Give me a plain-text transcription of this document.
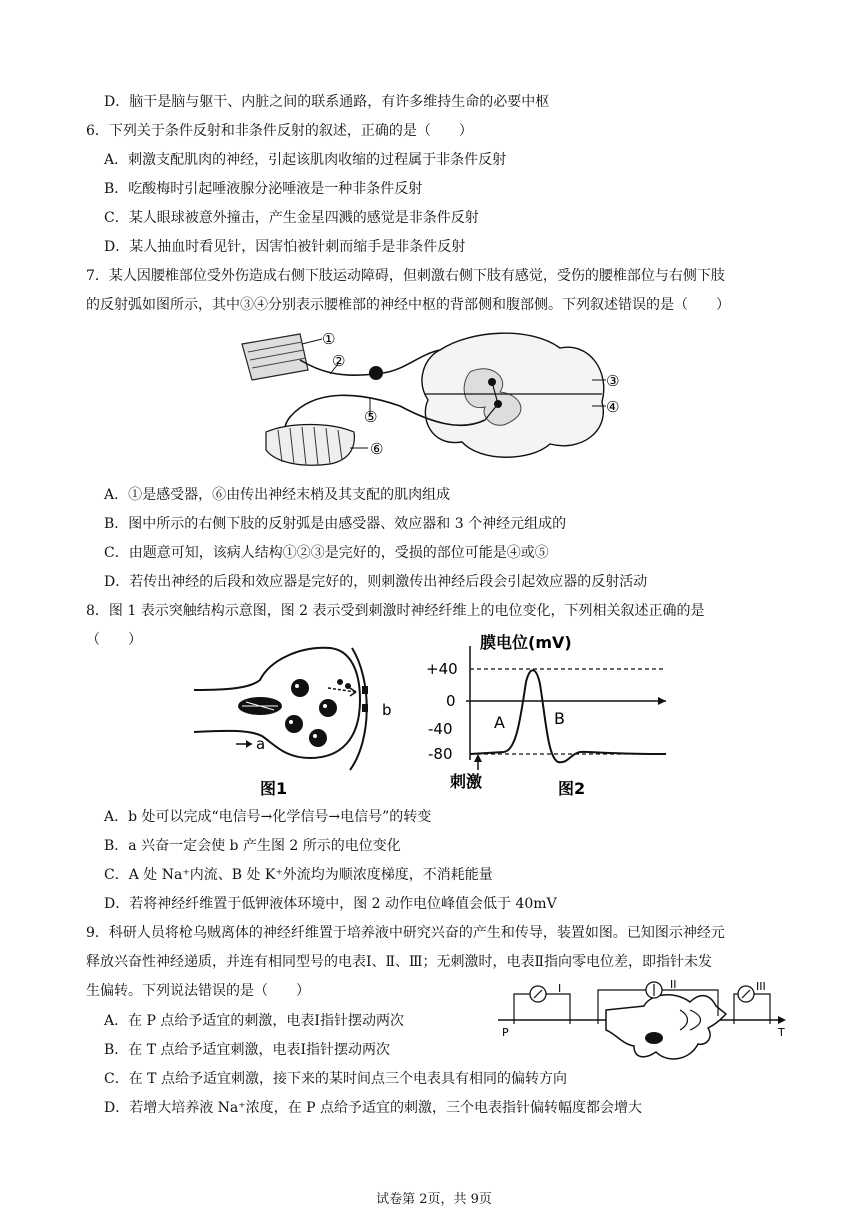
D．脑干是脑与躯干、内脏之间的联系通路，有许多维持生命的必要中枢
6．下列关于条件反射和非条件反射的叙述，正确的是（　　）
A．刺激支配肌肉的神经，引起该肌肉收缩的过程属于非条件反射
B．吃酸梅时引起唾液腺分泌唾液是一种非条件反射
C．某人眼球被意外撞击，产生金星四溅的感觉是非条件反射
D．某人抽血时看见针，因害怕被针刺而缩手是非条件反射
7．某人因腰椎部位受外伤造成右侧下肢运动障碍，但刺激右侧下肢有感觉，受伤的腰椎部位与右侧下肢
的反射弧如图所示，其中③④分别表示腰椎部的神经中枢的背部侧和腹部侧。下列叙述错误的是（　　）
①
②
③
④
⑤
⑥
A．①是感受器，⑥由传出神经末梢及其支配的肌肉组成
B．图中所示的右侧下肢的反射弧是由感受器、效应器和 3 个神经元组成的
C．由题意可知，该病人结构①②③是完好的，受损的部位可能是④或⑤
D．若传出神经的后段和效应器是完好的，则刺激传出神经后段会引起效应器的反射活动
8．图 1 表示突触结构示意图，图 2 表示受到刺激时神经纤维上的电位变化，下列相关叙述正确的是
（　　）
a
b
图1
膜电位(mV)
+40
0
-40
-80
A	B
刺激	图2
A．b 处可以完成“电信号→化学信号→电信号”的转变
B．a 兴奋一定会使 b 产生图 2 所示的电位变化
C．A 处 Na⁺内流、B 处 K⁺外流均为顺浓度梯度，不消耗能量
D．若将神经纤维置于低钾液体环境中，图 2 动作电位峰值会低于 40mV
9．科研人员将枪乌贼离体的神经纤维置于培养液中研究兴奋的产生和传导，装置如图。已知图示神经元
释放兴奋性神经递质，并连有相同型号的电表Ⅰ、Ⅱ、Ⅲ；无刺激时，电表Ⅱ指向零电位差，即指针未发
生偏转。下列说法错误的是（　　）	I	II	III
P	T
A．在 P 点给予适宜的刺激，电表Ⅰ指针摆动两次
B．在 T 点给予适宜刺激，电表Ⅰ指针摆动两次
C．在 T 点给予适宜刺激，接下来的某时间点三个电表具有相同的偏转方向
D．若增大培养液 Na⁺浓度，在 P 点给予适宜的刺激，三个电表指针偏转幅度都会增大
试卷第 2页，共 9页
